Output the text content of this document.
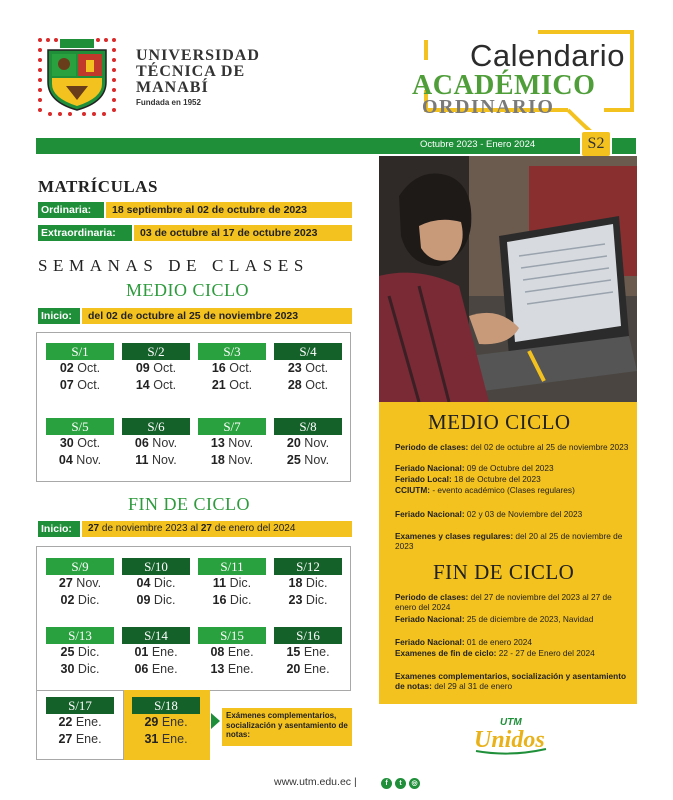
UNIVERSIDAD
TÉCNICA DE
MANABÍ
Fundada en 1952
Calendario
ACADÉMICO
ORDINARIO
Octubre 2023 - Enero 2024	S2
MATRÍCULAS
Ordinaria:	18 septiembre al 02 de octubre de 2023
Extraordinaria:	03 de octubre al 17 de octubre 2023
SEMANAS DE CLASES
MEDIO CICLO
Inicio:	del 02 de octubre al 25 de noviembre 2023
S/1
02 Oct.
07 Oct.
S/2
09 Oct.
14 Oct.
S/3
16 Oct.
21 Oct.
S/4
23 Oct.
28 Oct.
S/5
30 Oct.
04 Nov.
S/6
06 Nov.
11 Nov.
S/7
13 Nov.
18 Nov.
S/8
20 Nov.
25 Nov.
FIN DE CICLO
Inicio:	27 de noviembre 2023 al 27 de enero del 2024
S/9
27 Nov.
02 Dic.
S/10
04 Dic.
09 Dic.
S/11
11 Dic.
16 Dic.
S/12
18 Dic.
23 Dic.
S/13
25 Dic.
30 Dic.
S/14
01 Ene.
06 Ene.
S/15
08 Ene.
13 Ene.
S/16
15 Ene.
20 Ene.
S/17
22 Ene.
27 Ene.
S/18
29 Ene.
31 Ene.
Exámenes complementarios, socialización y asentamiento de notas:
MEDIO CICLO
Periodo de clases: del 02 de octubre al 25 de noviembre 2023
Feriado Nacional: 09 de Octubre del 2023
Feriado Local: 18 de Octubre del 2023
CCIUTM: - evento académico (Clases regulares)
Feriado Nacional: 02 y 03 de Noviembre del 2023
Examenes y clases regulares: del 20 al 25 de noviembre de 2023
FIN DE CICLO
Periodo de clases: del 27 de noviembre del 2023 al 27 de enero del 2024
Feriado Nacional: 25 de diciembre de 2023, Navidad
Feriado Nacional: 01 de enero 2024
Examenes de fin de ciclo: 22 - 27 de Enero del 2024
Examenes complementarios, socialización y asentamiento de notas: del 29 al 31 de enero
UTM
Unidos
www.utm.edu.ec |	f	t	◎
